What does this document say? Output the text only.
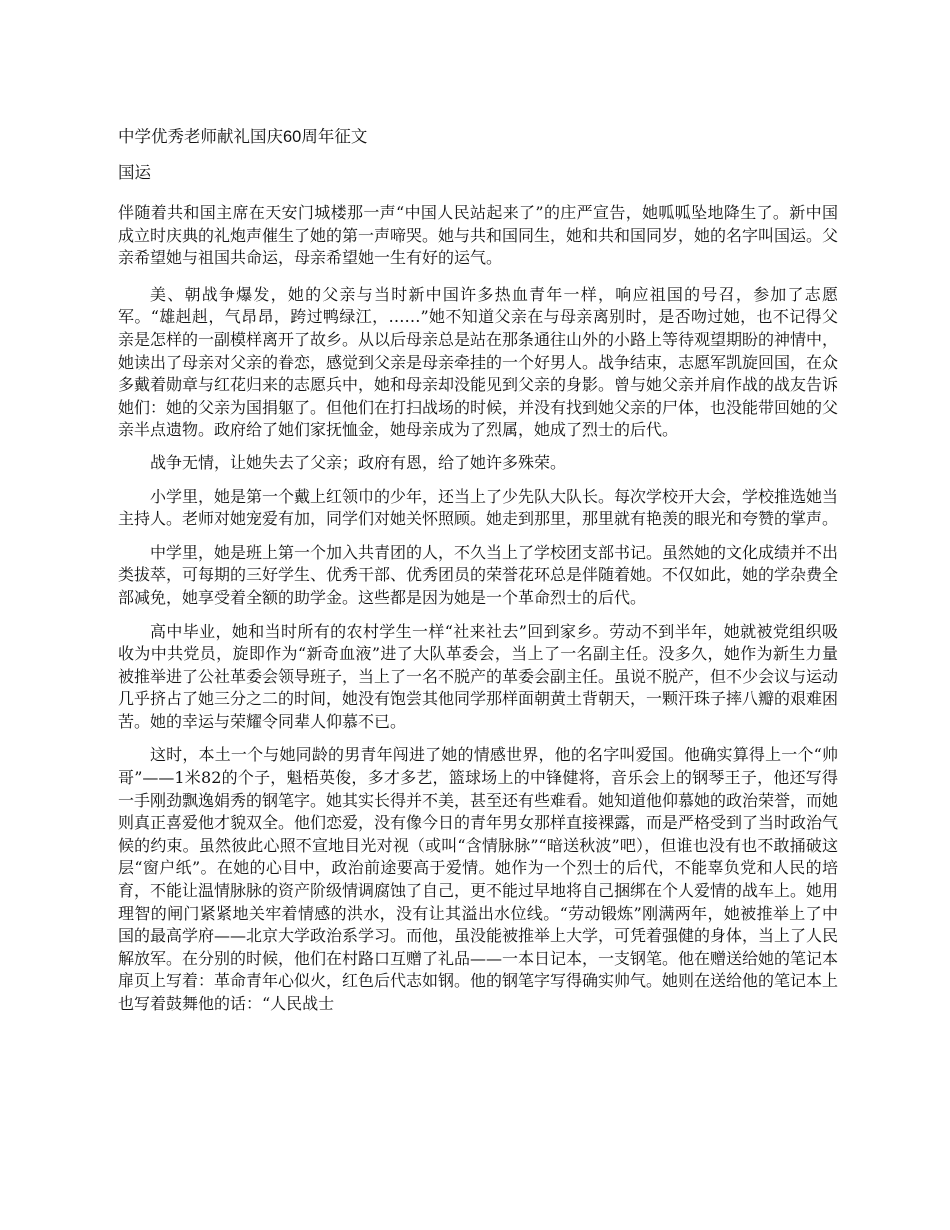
中学优秀老师献礼国庆60周年征文
国运

伴随着共和国主席在天安门城楼那一声“中国人民站起来了”的庄严宣告，她呱呱坠地降生了。新中国成立时庆典的礼炮声催生了她的第一声啼哭。她与共和国同生，她和共和国同岁，她的名字叫国运。父亲希望她与祖国共命运，母亲希望她一生有好的运气。

美、朝战争爆发，她的父亲与当时新中国许多热血青年一样，响应祖国的号召，参加了志愿军。“雄赳赳，气昂昂，跨过鸭绿江，……”她不知道父亲在与母亲离别时，是否吻过她，也不记得父亲是怎样的一副模样离开了故乡。从以后母亲总是站在那条通往山外的小路上等待观望期盼的神情中，她读出了母亲对父亲的眷恋，感觉到父亲是母亲牵挂的一个好男人。战争结束，志愿军凯旋回国，在众多戴着勋章与红花归来的志愿兵中，她和母亲却没能见到父亲的身影。曾与她父亲并肩作战的战友告诉她们：她的父亲为国捐躯了。但他们在打扫战场的时候，并没有找到她父亲的尸体，也没能带回她的父亲半点遗物。政府给了她们家抚恤金，她母亲成为了烈属，她成了烈士的后代。

战争无情，让她失去了父亲；政府有恩，给了她许多殊荣。

小学里，她是第一个戴上红领巾的少年，还当上了少先队大队长。每次学校开大会，学校推选她当主持人。老师对她宠爱有加，同学们对她关怀照顾。她走到那里，那里就有艳羡的眼光和夸赞的掌声。

中学里，她是班上第一个加入共青团的人，不久当上了学校团支部书记。虽然她的文化成绩并不出类拔萃，可每期的三好学生、优秀干部、优秀团员的荣誉花环总是伴随着她。不仅如此，她的学杂费全部减免，她享受着全额的助学金。这些都是因为她是一个革命烈士的后代。

高中毕业，她和当时所有的农村学生一样“社来社去”回到家乡。劳动不到半年，她就被党组织吸收为中共党员，旋即作为“新奇血液”进了大队革委会，当上了一名副主任。没多久，她作为新生力量被推举进了公社革委会领导班子，当上了一名不脱产的革委会副主任。虽说不脱产，但不少会议与运动几乎挤占了她三分之二的时间，她没有饱尝其他同学那样面朝黄土背朝天，一颗汗珠子摔八瓣的艰难困苦。她的幸运与荣耀令同辈人仰慕不已。

这时，本土一个与她同龄的男青年闯进了她的情感世界，他的名字叫爱国。他确实算得上一个“帅哥”——1米82的个子，魁梧英俊，多才多艺，篮球场上的中锋健将，音乐会上的钢琴王子，他还写得一手刚劲飘逸娟秀的钢笔字。她其实长得并不美，甚至还有些难看。她知道他仰慕她的政治荣誉，而她则真正喜爱他才貌双全。他们恋爱，没有像今日的青年男女那样直接裸露，而是严格受到了当时政治气候的约束。虽然彼此心照不宣地目光对视（或叫“含情脉脉”“暗送秋波”吧），但谁也没有也不敢捅破这层“窗户纸”。在她的心目中，政治前途要高于爱情。她作为一个烈士的后代，不能辜负党和人民的培育，不能让温情脉脉的资产阶级情调腐蚀了自己，更不能过早地将自己捆绑在个人爱情的战车上。她用理智的闸门紧紧地关牢着情感的洪水，没有让其溢出水位线。“劳动锻炼”刚满两年，她被推举上了中国的最高学府——北京大学政治系学习。而他，虽没能被推举上大学，可凭着强健的身体，当上了人民解放军。在分别的时候，他们在村路口互赠了礼品——一本日记本，一支钢笔。他在赠送给她的笔记本扉页上写着：革命青年心似火，红色后代志如钢。他的钢笔字写得确实帅气。她则在送给他的笔记本上也写着鼓舞他的话：“人民战士
